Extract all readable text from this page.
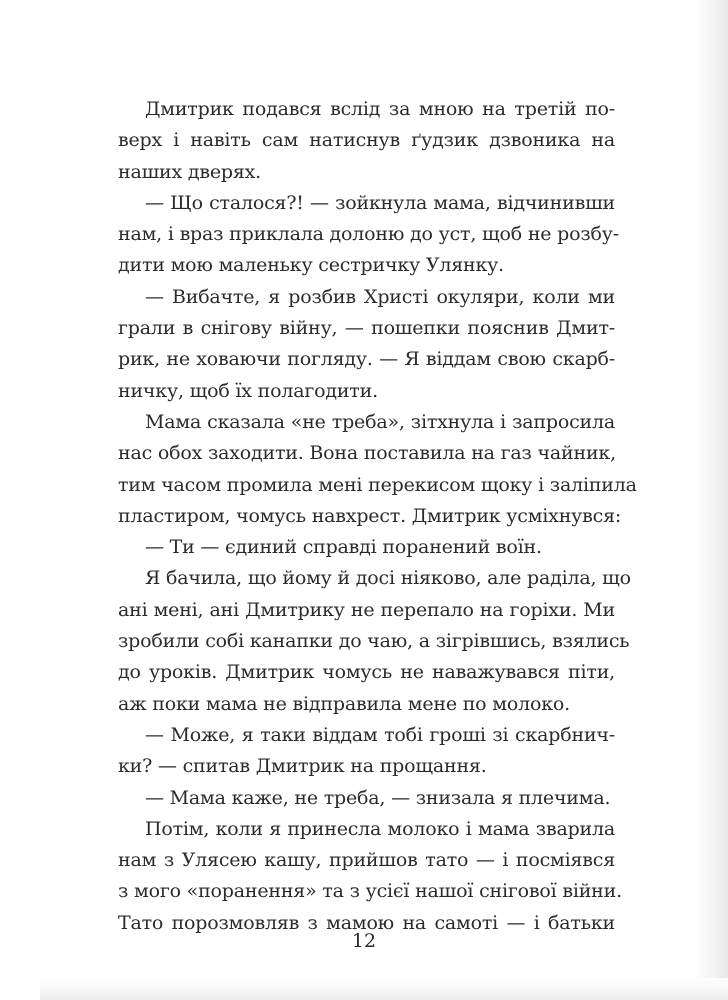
Дмитрик подався вслід за мною на третій по-
верх і навіть сам натиснув ґудзик дзвоника на
наших дверях.
— Що сталося?! — зойкнула мама, відчинивши
нам, і враз приклала долоню до уст, щоб не розбу-
дити мою маленьку сестричку Улянку.
— Вибачте, я розбив Христі окуляри, коли ми
грали в снігову війну, — пошепки пояснив Дмит-
рик, не ховаючи погляду. — Я віддам свою скарб-
ничку, щоб їх полагодити.
Мама сказала «не треба», зітхнула і запросила
нас обох заходити. Вона поставила на газ чайник,
тим часом промила мені перекисом щоку і заліпила
пластиром, чомусь навхрест. Дмитрик усміхнувся:
— Ти — єдиний справді поранений воїн.
Я бачила, що йому й досі ніяково, але раділа, що
ані мені, ані Дмитрику не перепало на горіхи. Ми
зробили собі канапки до чаю, а зігрівшись, взялись
до уроків. Дмитрик чомусь не наважувався піти,
аж поки мама не відправила мене по молоко.
— Може, я таки віддам тобі гроші зі скарбнич-
ки? — спитав Дмитрик на прощання.
— Мама каже, не треба, — знизала я плечима.
Потім, коли я принесла молоко і мама зварила
нам з Улясею кашу, прийшов тато — і посміявся
з мого «поранення» та з усієї нашої снігової війни.
Тато порозмовляв з мамою на самоті — і батьки
12
